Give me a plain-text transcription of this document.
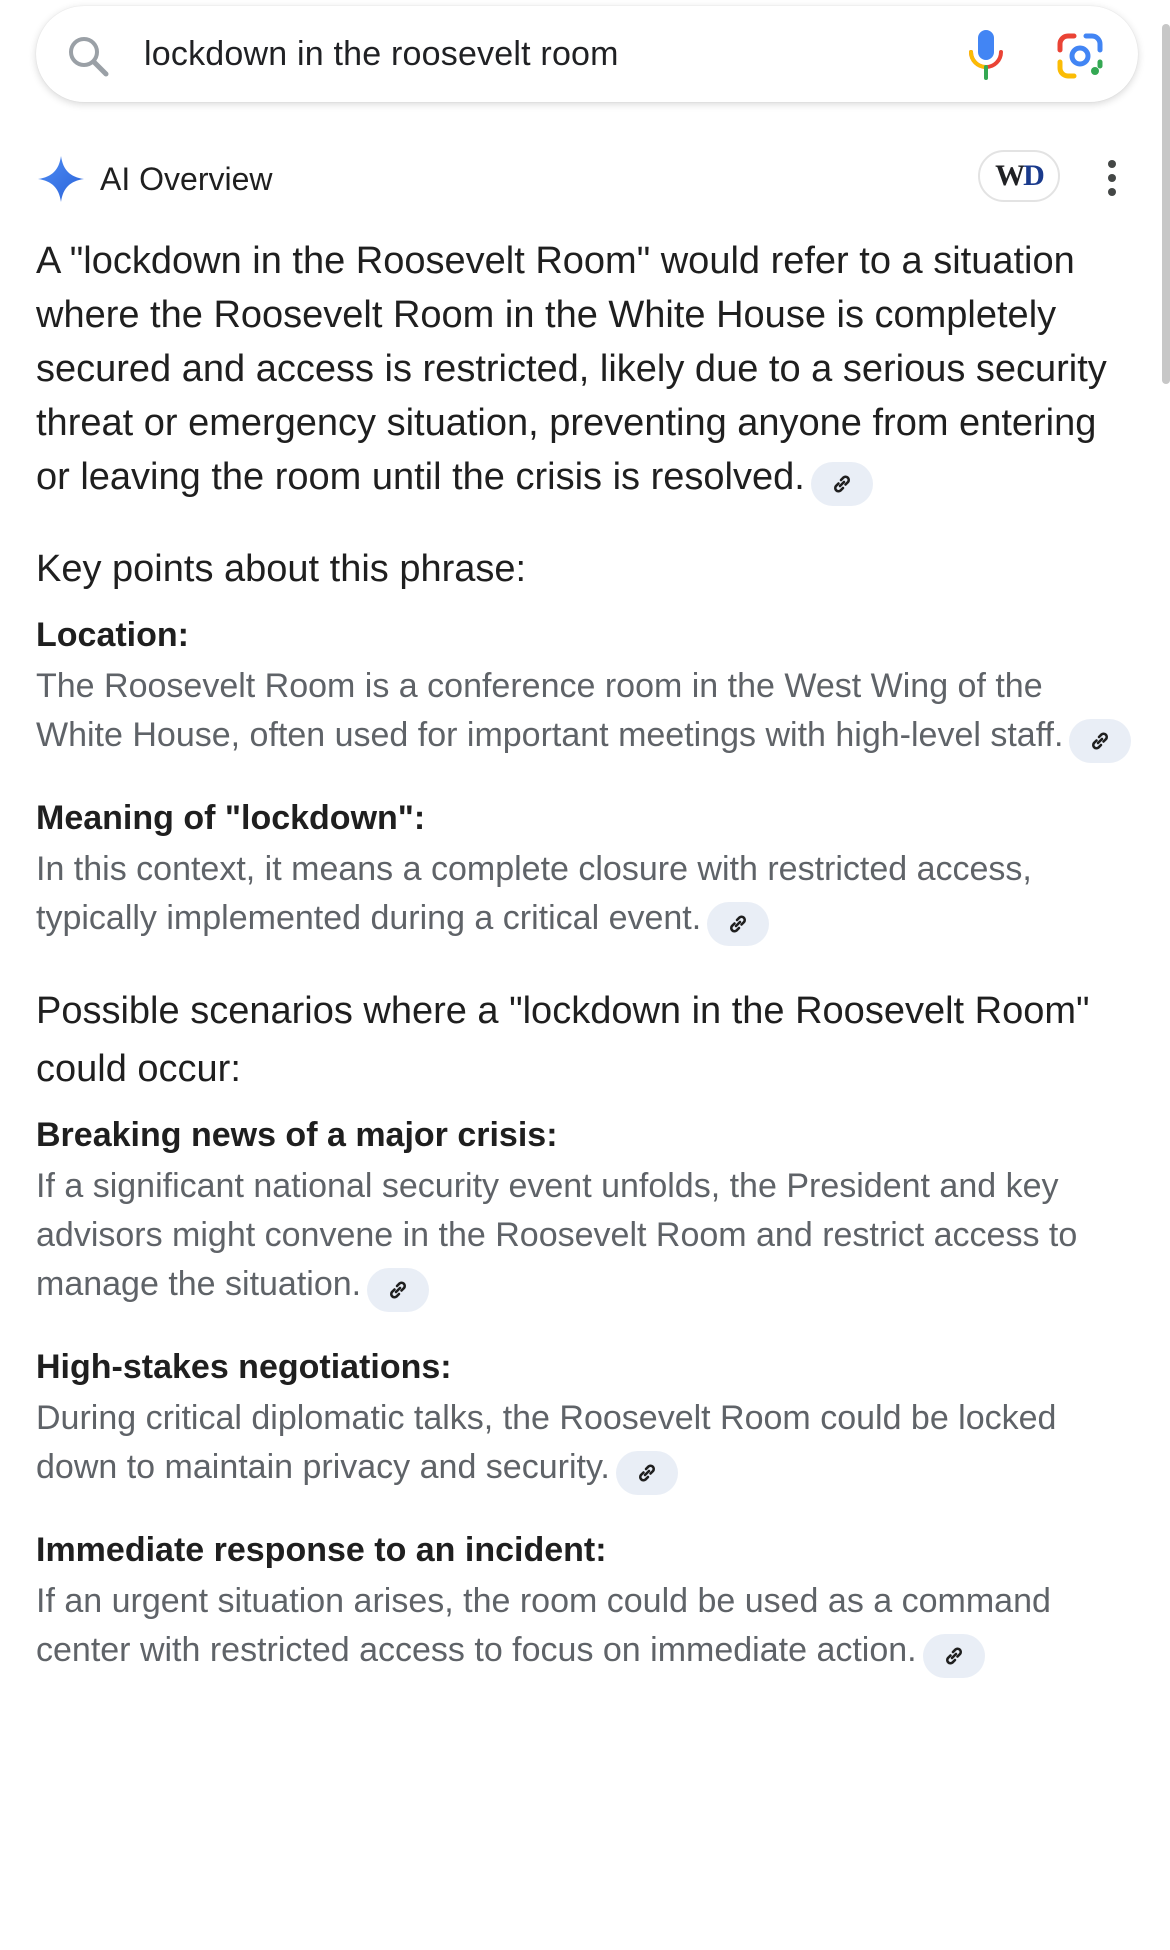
lockdown in the roosevelt room
AI Overview	WD

A "lockdown in the Roosevelt Room" would refer to a situation where the Roosevelt Room in the White House is completely secured and access is restricted, likely due to a serious security threat or emergency situation, preventing anyone from entering or leaving the room until the crisis is resolved.

Key points about this phrase:

Location:

The Roosevelt Room is a conference room in the West Wing of the White House, often used for important meetings with high-level staff.

Meaning of "lockdown":

In this context, it means a complete closure with restricted access, typically implemented during a critical event.

Possible scenarios where a "lockdown in the Roosevelt Room" could occur:

Breaking news of a major crisis:

If a significant national security event unfolds, the President and key advisors might convene in the Roosevelt Room and restrict access to manage the situation.

High-stakes negotiations:

During critical diplomatic talks, the Roosevelt Room could be locked down to maintain privacy and security.

Immediate response to an incident:

If an urgent situation arises, the room could be used as a command center with restricted access to focus on immediate action.
